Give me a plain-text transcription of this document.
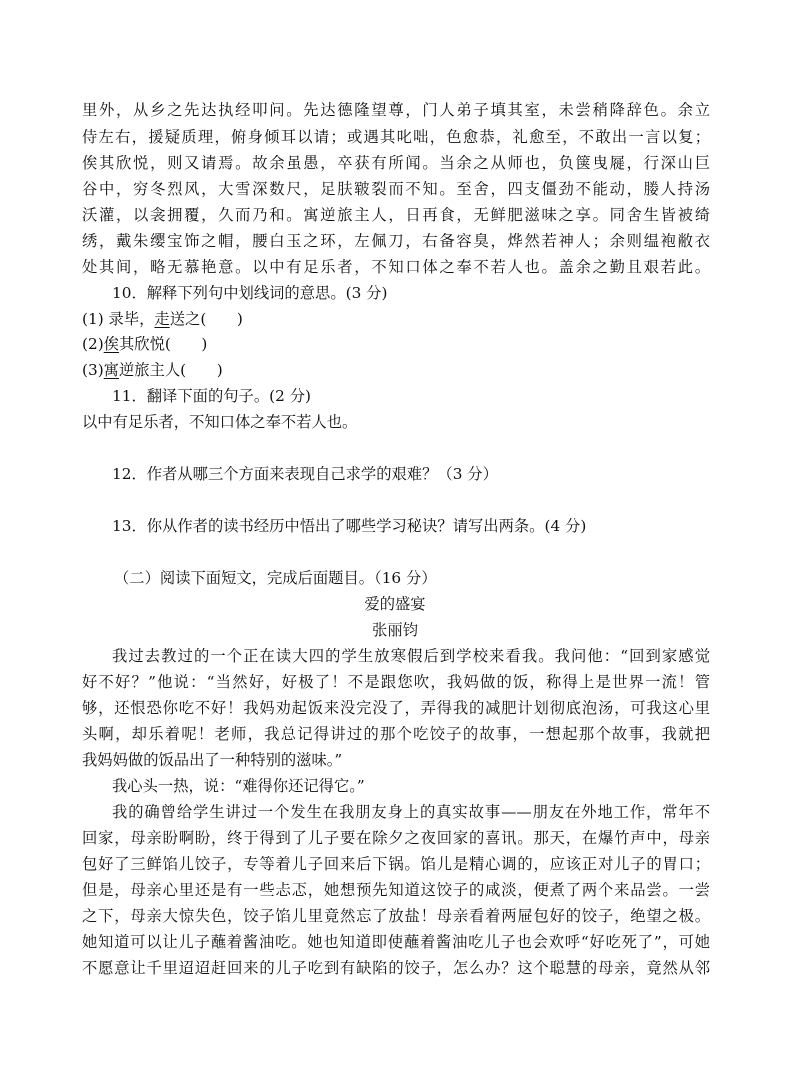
里外，从乡之先达执经叩问。先达德隆望尊，门人弟子填其室，未尝稍降辞色。余立
侍左右，援疑质理，俯身倾耳以请；或遇其叱咄，色愈恭，礼愈至，不敢出一言以复；
俟其欣悦，则又请焉。故余虽愚，卒获有所闻。当余之从师也，负箧曳屣，行深山巨
谷中，穷冬烈风，大雪深数尺，足肤皲裂而不知。至舍，四支僵劲不能动，媵人持汤
沃灌，以衾拥覆，久而乃和。寓逆旅主人，日再食，无鲜肥滋味之享。同舍生皆被绮
绣，戴朱缨宝饰之帽，腰白玉之环，左佩刀，右备容臭，烨然若神人；余则缊袍敝衣
处其间，略无慕艳意。以中有足乐者，不知口体之奉不若人也。盖余之勤且艰若此。
10．解释下列句中划线词的意思。(3 分)
(1) 录毕，走送之(　　)
(2)俟其欣悦(　　)
(3)寓逆旅主人(　　)
11．翻译下面的句子。(2 分)
以中有足乐者，不知口体之奉不若人也。
12．作者从哪三个方面来表现自己求学的艰难？（3 分）
13．你从作者的读书经历中悟出了哪些学习秘诀？请写出两条。(4 分)
（二）阅读下面短文，完成后面题目。（16 分）
爱的盛宴
张丽钧
我过去教过的一个正在读大四的学生放寒假后到学校来看我。我问他：“回到家感觉
好不好？”他说：“当然好，好极了！不是跟您吹，我妈做的饭，称得上是世界一流！管
够，还恨恐你吃不好！我妈劝起饭来没完没了，弄得我的减肥计划彻底泡汤，可我这心里
头啊，却乐着呢！老师，我总记得讲过的那个吃饺子的故事，一想起那个故事，我就把
我妈妈做的饭品出了一种特别的滋味。”
我心头一热，说：“难得你还记得它。”
我的确曾给学生讲过一个发生在我朋友身上的真实故事——朋友在外地工作，常年不
回家，母亲盼啊盼，终于得到了儿子要在除夕之夜回家的喜讯。那天，在爆竹声中，母亲
包好了三鲜馅儿饺子，专等着儿子回来后下锅。馅儿是精心调的，应该正对儿子的胃口；
但是，母亲心里还是有一些忐忑，她想预先知道这饺子的咸淡，便煮了两个来品尝。一尝
之下，母亲大惊失色，饺子馅儿里竟然忘了放盐！母亲看着两屉包好的饺子，绝望之极。
她知道可以让儿子蘸着酱油吃。她也知道即使蘸着酱油吃儿子也会欢呼“好吃死了”，可她
不愿意让千里迢迢赶回来的儿子吃到有缺陷的饺子，怎么办？这个聪慧的母亲，竟然从邻
